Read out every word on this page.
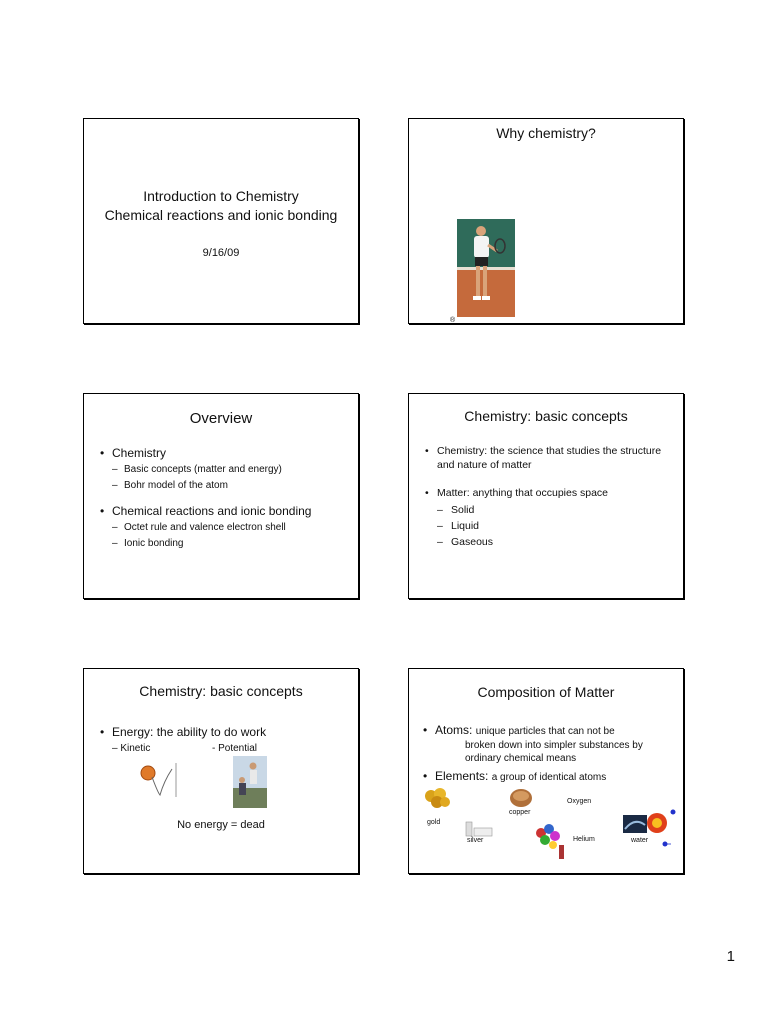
Introduction to Chemistry
Chemical reactions and ionic bonding
9/16/09
Why chemistry?
®
Overview
• Chemistry
– Basic concepts (matter and energy)
– Bohr model of the atom
• Chemical reactions and ionic bonding
– Octet rule and valence electron shell
– Ionic bonding
Chemistry: basic concepts
• Chemistry: the science that studies the structure and nature of matter
• Matter: anything that occupies space
– Solid
– Liquid
– Gaseous
Chemistry: basic concepts
• Energy: the ability to do work
– Kinetic	- Potential
No energy = dead
Composition of Matter
• Atoms: unique particles that can not be
broken down into simpler substances by
ordinary chemical means
• Elements: a group of identical atoms
gold
copper
Oxygen
silver	Helium	water
1
